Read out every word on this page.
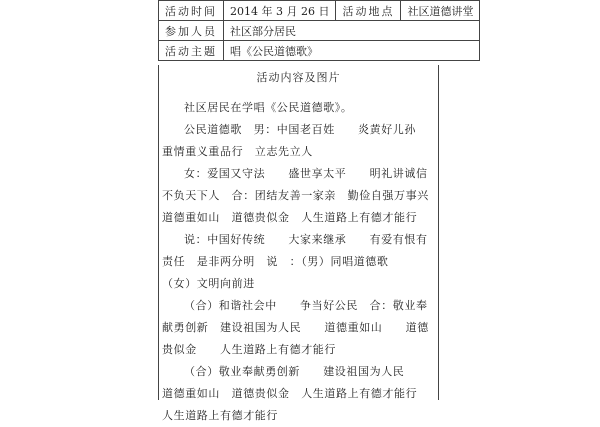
活动时间	2014 年 3 月 26 日	活动地点	社区道德讲堂
参加人员	社区部分居民		
活动主题	唱《公民道德歌》		
活动内容及图片

社区居民在学唱《公民道德歌》。

公民道德歌　男：中国老百姓　　炎黄好儿孙　　重情重义重品行　立志先立人

女：爱国又守法　　盛世享太平　　明礼讲诚信　　不负天下人　合：团结友善一家亲　勤俭自强万事兴　　道德重如山　道德贵似金　人生道路上有德才能行

说：中国好传统　　大家来继承　　有爱有恨有责任　是非两分明　说　：（男）同唱道德歌　　（女）文明向前进

（合）和谐社会中　　争当好公民　合：敬业奉献勇创新　建设祖国为人民　　道德重如山　　道德贵似金　　人生道路上有德才能行

（合）敬业奉献勇创新　　建设祖国为人民　　道德重如山　道德贵似金　人生道路上有德才能行　人生道路上有德才能行
